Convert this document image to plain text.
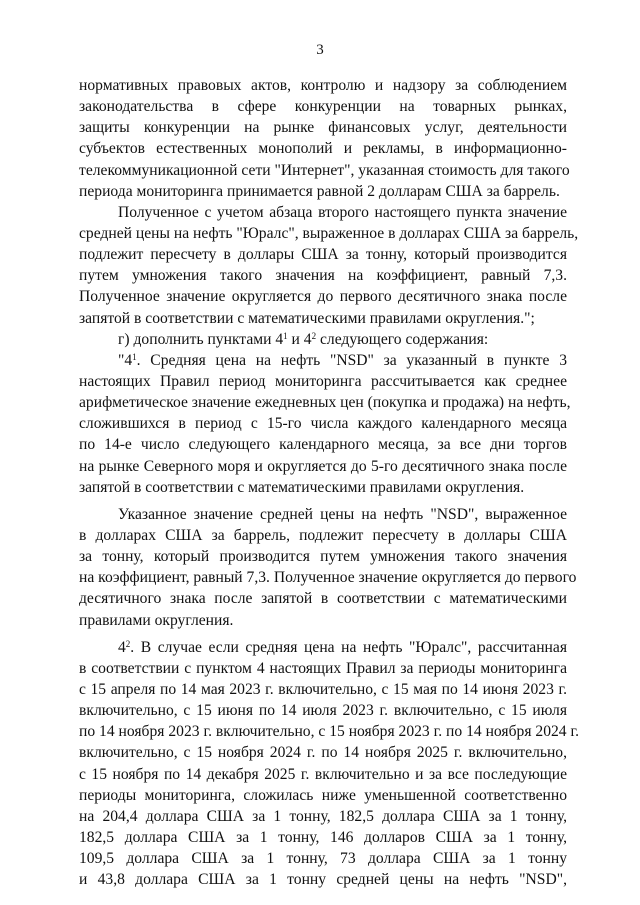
3
нормативных правовых актов, контролю и надзору за соблюдением
законодательства в сфере конкуренции на товарных рынках,
защиты конкуренции на рынке финансовых услуг, деятельности
субъектов естественных монополий и рекламы, в информационно-
телекоммуникационной сети "Интернет", указанная стоимость для такого
периода мониторинга принимается равной 2 долларам США за баррель.
Полученное с учетом абзаца второго настоящего пункта значение
средней цены на нефть "Юралс", выраженное в долларах США за баррель,
подлежит пересчету в доллары США за тонну, который производится
путем умножения такого значения на коэффициент, равный 7,3.
Полученное значение округляется до первого десятичного знака после
запятой в соответствии с математическими правилами округления.";
г) дополнить пунктами $4^1$ и $4^2$ следующего содержания:
"$4^1$. Средняя цена на нефть "NSD" за указанный в пункте 3
настоящих Правил период мониторинга рассчитывается как среднее
арифметическое значение ежедневных цен (покупка и продажа) на нефть,
сложившихся в период с 15-го числа каждого календарного месяца
по 14-е число следующего календарного месяца, за все дни торгов
на рынке Северного моря и округляется до 5-го десятичного знака после
запятой в соответствии с математическими правилами округления.
Указанное значение средней цены на нефть "NSD", выраженное
в долларах США за баррель, подлежит пересчету в доллары США
за тонну, который производится путем умножения такого значения
на коэффициент, равный 7,3. Полученное значение округляется до первого
десятичного знака после запятой в соответствии с математическими
правилами округления.
$4^2$. В случае если средняя цена на нефть "Юралс", рассчитанная
в соответствии с пунктом 4 настоящих Правил за периоды мониторинга
с 15 апреля по 14 мая 2023 г. включительно, с 15 мая по 14 июня 2023 г.
включительно, с 15 июня по 14 июля 2023 г. включительно, с 15 июля
по 14 ноября 2023 г. включительно, с 15 ноября 2023 г. по 14 ноября 2024 г.
включительно, с 15 ноября 2024 г. по 14 ноября 2025 г. включительно,
с 15 ноября по 14 декабря 2025 г. включительно и за все последующие
периоды мониторинга, сложилась ниже уменьшенной соответственно
на 204,4 доллара США за 1 тонну, 182,5 доллара США за 1 тонну,
182,5 доллара США за 1 тонну, 146 долларов США за 1 тонну,
109,5 доллара США за 1 тонну, 73 доллара США за 1 тонну
и 43,8 доллара США за 1 тонну средней цены на нефть "NSD",
